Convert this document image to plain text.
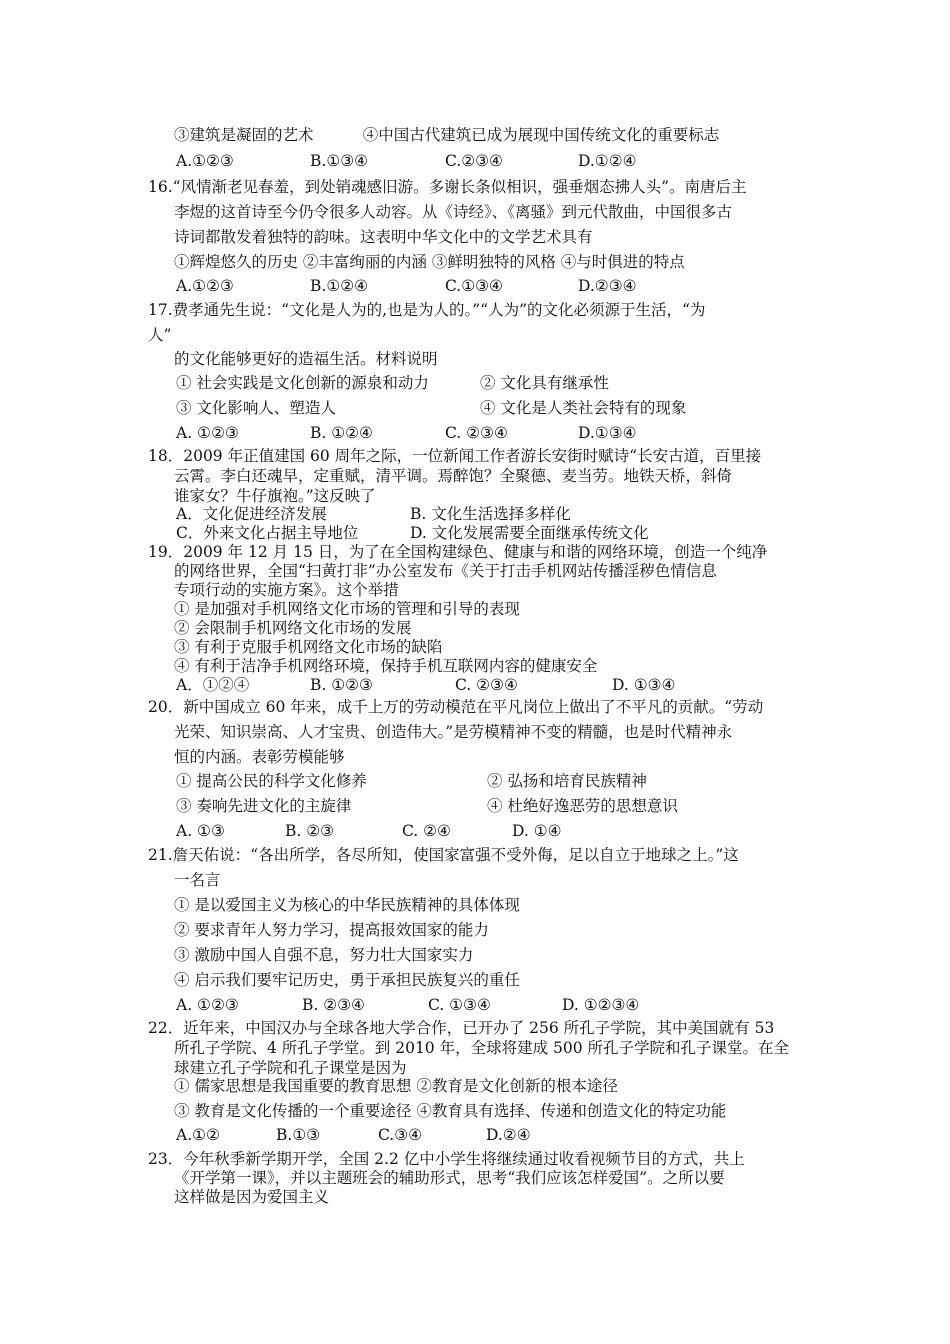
③建筑是凝固的艺术          ④中国古代建筑已成为展现中国传统文化的重要标志
A.①②③	B.①③④	C.②③④	D.①②④
16.“风情渐老见春羞，到处销魂感旧游。多谢长条似相识，强垂烟态拂人头”。南唐后主
李煜的这首诗至今仍令很多人动容。从《诗经》、《离骚》到元代散曲，中国很多古
诗词都散发着独特的韵味。这表明中华文化中的文学艺术具有
①辉煌悠久的历史 ②丰富绚丽的内涵 ③鲜明独特的风格 ④与时俱进的特点
A.①②③	B.①②④	C.①③④	D.②③④
17.费孝通先生说：“文化是人为的,也是为人的。”“人为”的文化必须源于生活，“为
人”
的文化能够更好的造福生活。材料说明
① 社会实践是文化创新的源泉和动力	② 文化具有继承性
③ 文化影响人、塑造人	④ 文化是人类社会特有的现象
A. ①②③	B. ①②④	C. ②③④	D.①③④
18．2009 年正值建国 60 周年之际，一位新闻工作者游长安街时赋诗“长安古道，百里接
云霄。李白还魂早，定重赋，清平调。焉醉饱？全聚德、麦当劳。地铁天桥，斜倚
谁家女？牛仔旗袍。”这反映了
A．文化促进经济发展	B. 文化生活选择多样化
C．外来文化占据主导地位	D. 文化发展需要全面继承传统文化
19．2009 年 12 月 15 日，为了在全国构建绿色、健康与和谐的网络环境，创造一个纯净
的网络世界，全国“扫黄打非”办公室发布《关于打击手机网站传播淫秽色情信息
专项行动的实施方案》。这个举措
① 是加强对手机网络文化市场的管理和引导的表现
② 会限制手机网络文化市场的发展
③ 有利于克服手机网络文化市场的缺陷
④ 有利于洁净手机网络环境，保持手机互联网内容的健康安全
A．①②④	B. ①②③	C. ②③④	D. ①③④
20．新中国成立 60 年来，成千上万的劳动模范在平凡岗位上做出了不平凡的贡献。“劳动
光荣、知识崇高、人才宝贵、创造伟大。”是劳模精神不变的精髓，也是时代精神永
恒的内涵。表彰劳模能够
① 提高公民的科学文化修养	② 弘扬和培育民族精神
③ 奏响先进文化的主旋律	④ 杜绝好逸恶劳的思想意识
A. ①③	B. ②③	C. ②④	D. ①④
21.詹天佑说：“各出所学，各尽所知，使国家富强不受外侮，足以自立于地球之上。”这
一名言
① 是以爱国主义为核心的中华民族精神的具体体现
② 要求青年人努力学习，提高报效国家的能力
③ 激励中国人自强不息，努力壮大国家实力
④ 启示我们要牢记历史，勇于承担民族复兴的重任
A. ①②③	B. ②③④	C. ①③④	D. ①②③④
22．近年来，中国汉办与全球各地大学合作，已开办了 256 所孔子学院，其中美国就有 53
所孔子学院、4 所孔子学堂。到 2010 年，全球将建成 500 所孔子学院和孔子课堂。在全
球建立孔子学院和孔子课堂是因为
① 儒家思想是我国重要的教育思想 ②教育是文化创新的根本途径
③ 教育是文化传播的一个重要途径 ④教育具有选择、传递和创造文化的特定功能
A.①②	B.①③	C.③④	D.②④
23．今年秋季新学期开学，全国 2.2 亿中小学生将继续通过收看视频节目的方式，共上
《开学第一课》，并以主题班会的辅助形式，思考“我们应该怎样爱国”。之所以要
这样做是因为爱国主义
